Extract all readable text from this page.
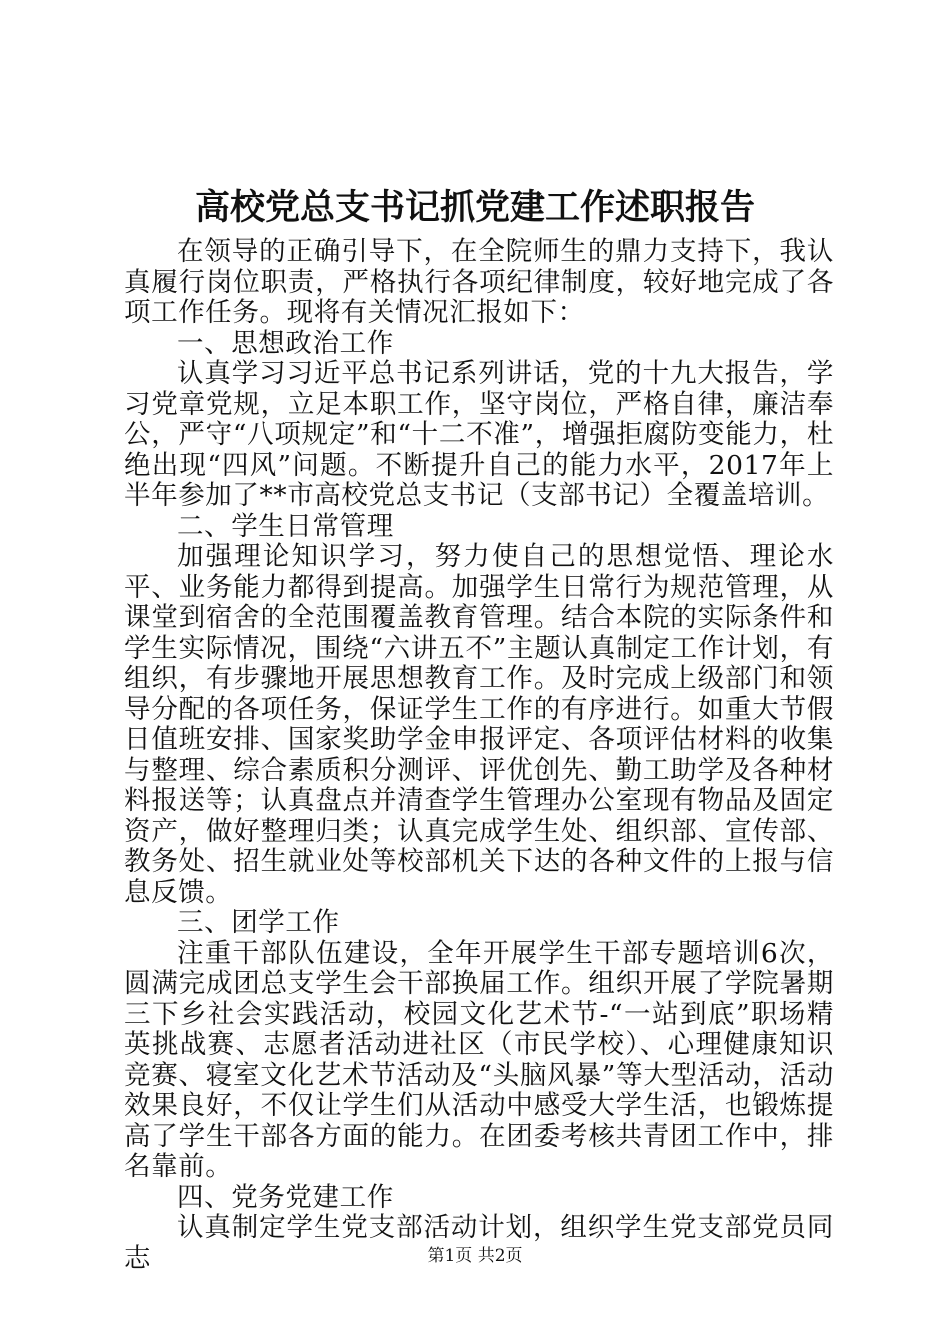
高校党总支书记抓党建工作述职报告

在领导的正确引导下，在全院师生的鼎力支持下，我认真履行岗位职责，严格执行各项纪律制度，较好地完成了各项工作任务。现将有关情况汇报如下：

一、思想政治工作

认真学习习近平总书记系列讲话，党的十九大报告，学习党章党规，立足本职工作，坚守岗位，严格自律，廉洁奉公，严守“八项规定”和“十二不准”，增强拒腐防变能力，杜绝出现“四风”问题。不断提升自己的能力水平，2017年上半年参加了**市高校党总支书记（支部书记）全覆盖培训。

二、学生日常管理

加强理论知识学习，努力使自己的思想觉悟、理论水平、业务能力都得到提高。加强学生日常行为规范管理，从课堂到宿舍的全范围覆盖教育管理。结合本院的实际条件和学生实际情况，围绕“六讲五不”主题认真制定工作计划，有组织，有步骤地开展思想教育工作。及时完成上级部门和领导分配的各项任务，保证学生工作的有序进行。如重大节假日值班安排、国家奖助学金申报评定、各项评估材料的收集与整理、综合素质积分测评、评优创先、勤工助学及各种材料报送等；认真盘点并清查学生管理办公室现有物品及固定资产，做好整理归类；认真完成学生处、组织部、宣传部、教务处、招生就业处等校部机关下达的各种文件的上报与信息反馈。

三、团学工作

注重干部队伍建设，全年开展学生干部专题培训6次，圆满完成团总支学生会干部换届工作。组织开展了学院暑期三下乡社会实践活动，校园文化艺术节-“一站到底”职场精英挑战赛、志愿者活动进社区（市民学校）、心理健康知识竞赛、寝室文化艺术节活动及“头脑风暴”等大型活动，活动效果良好，不仅让学生们从活动中感受大学生活，也锻炼提高了学生干部各方面的能力。在团委考核共青团工作中，排名靠前。

四、党务党建工作

认真制定学生党支部活动计划，组织学生党支部党员同志	第1页 共2页
